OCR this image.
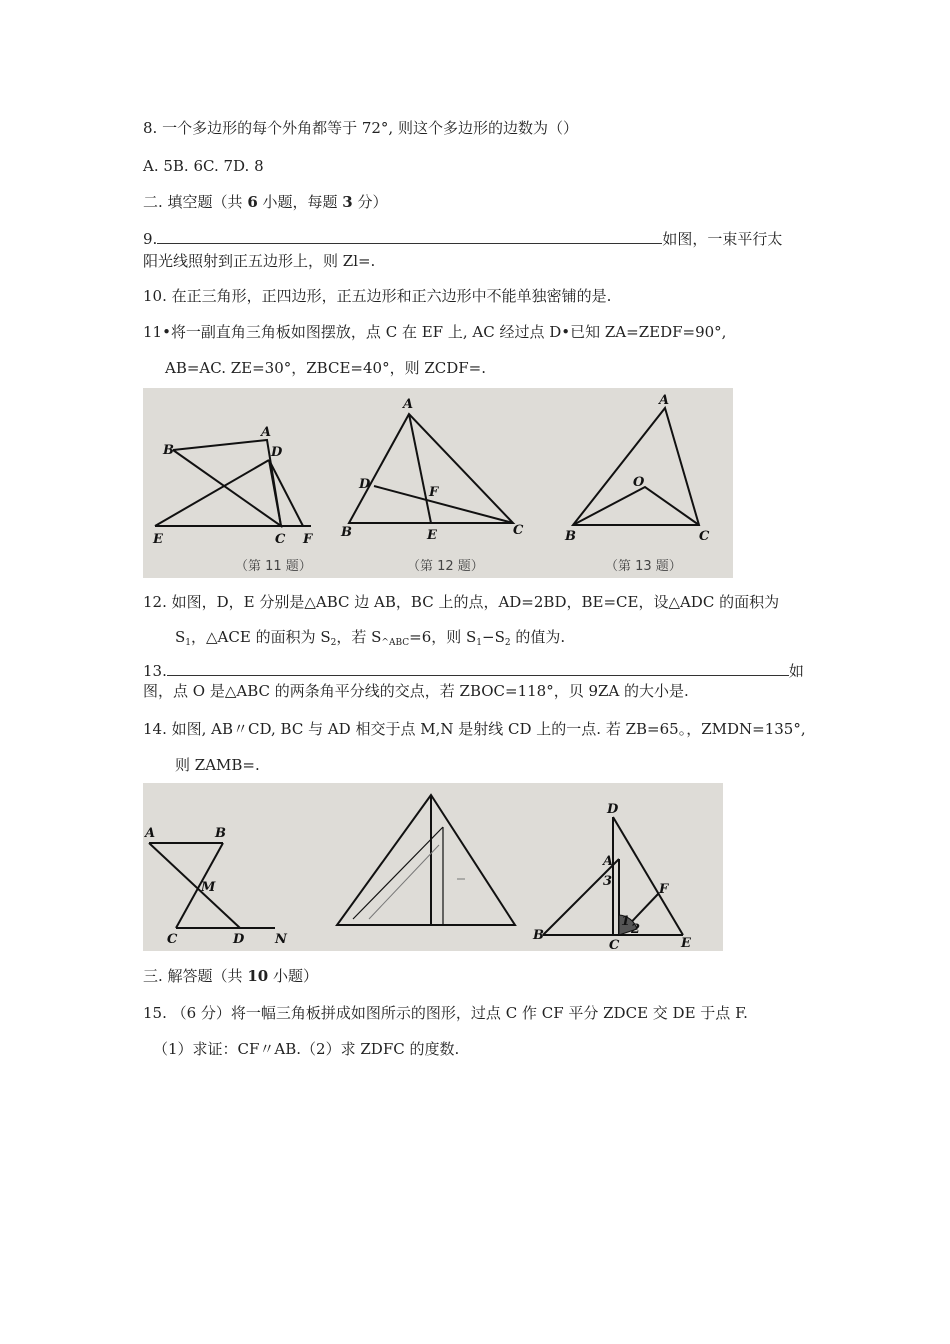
8. 一个多边形的每个外角都等于 72°, 则这个多边形的边数为（）
A. 5B. 6C. 7D. 8
二. 填空题（共 6 小题，每题 3 分）
9.	如图，一束平行太
阳光线照射到正五边形上，则 Zl=.
10. 在正三角形，正四边形，正五边形和正六边形中不能单独密铺的是.
11•将一副直角三角板如图摆放，点 C 在 EF 上, AC 经过点 D•已知 ZA=ZEDF=90°,
AB=AC. ZE=30°，ZBCE=40°，则 ZCDF=.
A
B	D
E	C F
（第 11 题）
A
D
F
B	E	C
（第 12 题）
A
O
B	C
（第 13 题）
12. 如图，D，E 分别是△ABC 边 AB，BC 上的点，AD=2BD，BE=CE，设△ADC 的面积为
$S_1$，△ACE 的面积为 $S_2$，若 $S_{\^{}ABC}=6$，则 $S_1-S_2$ 的值为.
13.	如
图，点 O 是△ABC 的两条角平分线的交点，若 ZBOC=118°，贝 9ZA 的大小是.
14. 如图, AB〃CD, BC 与 AD 相交于点 M,N 是射线 CD 上的一点. 若 ZB=65。，ZMDN=135°,
则 ZAMB=.
A	B
M
C	D N
D
A
3
F
1
2
B
C	E
三. 解答题（共 10 小题）
15. （6 分）将一幅三角板拼成如图所示的图形，过点 C 作 CF 平分 ZDCE 交 DE 于点 F.
（1）求证：CF〃AB.（2）求 ZDFC 的度数.
